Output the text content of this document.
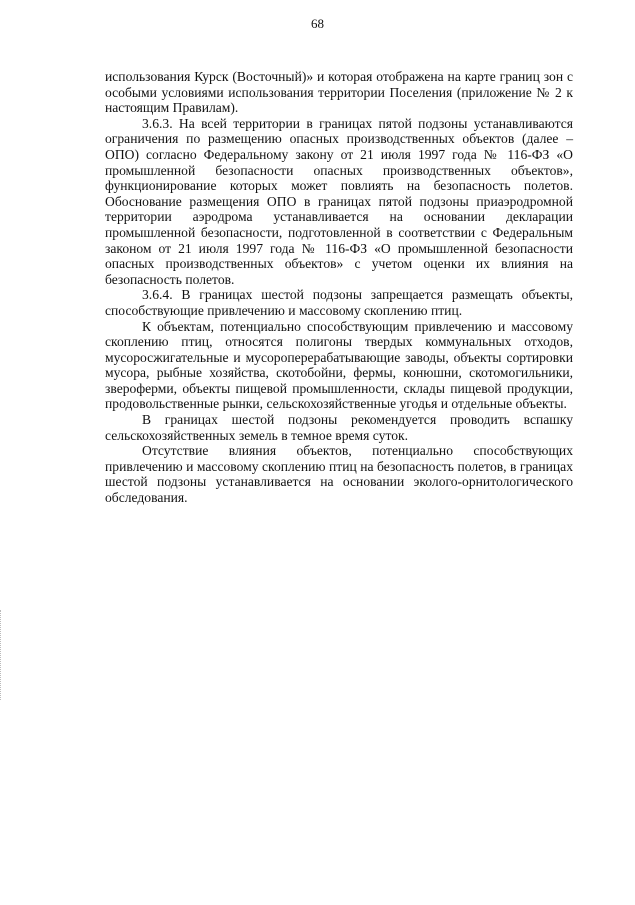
68

использования Курск (Восточный)» и которая отображена на карте границ зон с особыми условиями использования территории Поселения (приложение № 2 к настоящим Правилам).

3.6.3. На всей территории в границах пятой подзоны устанавливаются ограничения по размещению опасных производственных объектов (далее – ОПО) согласно Федеральному закону от 21 июля 1997 года № 116-ФЗ «О промышленной безопасности опасных производственных объектов», функционирование которых может повлиять на безопасность полетов. Обоснование размещения ОПО в границах пятой подзоны приаэродромной территории аэродрома устанавливается на основании декларации промышленной безопасности, подготовленной в соответствии с Федеральным законом от 21 июля 1997 года № 116-ФЗ «О промышленной безопасности опасных производственных объектов» с учетом оценки их влияния на безопасность полетов.

3.6.4. В границах шестой подзоны запрещается размещать объекты, способствующие привлечению и массовому скоплению птиц.

К объектам, потенциально способствующим привлечению и массовому скоплению птиц, относятся полигоны твердых коммунальных отходов, мусоросжигательные и мусороперерабатывающие заводы, объекты сортировки мусора, рыбные хозяйства, скотобойни, фермы, конюшни, скотомогильники, звероферми, объекты пищевой промышленности, склады пищевой продукции, продовольственные рынки, сельскохозяйственные угодья и отдельные объекты.

В границах шестой подзоны рекомендуется проводить вспашку сельскохозяйственных земель в темное время суток.

Отсутствие влияния объектов, потенциально способствующих привлечению и массовому скоплению птиц на безопасность полетов, в границах шестой подзоны устанавливается на основании эколого-орнитологического обследования.
